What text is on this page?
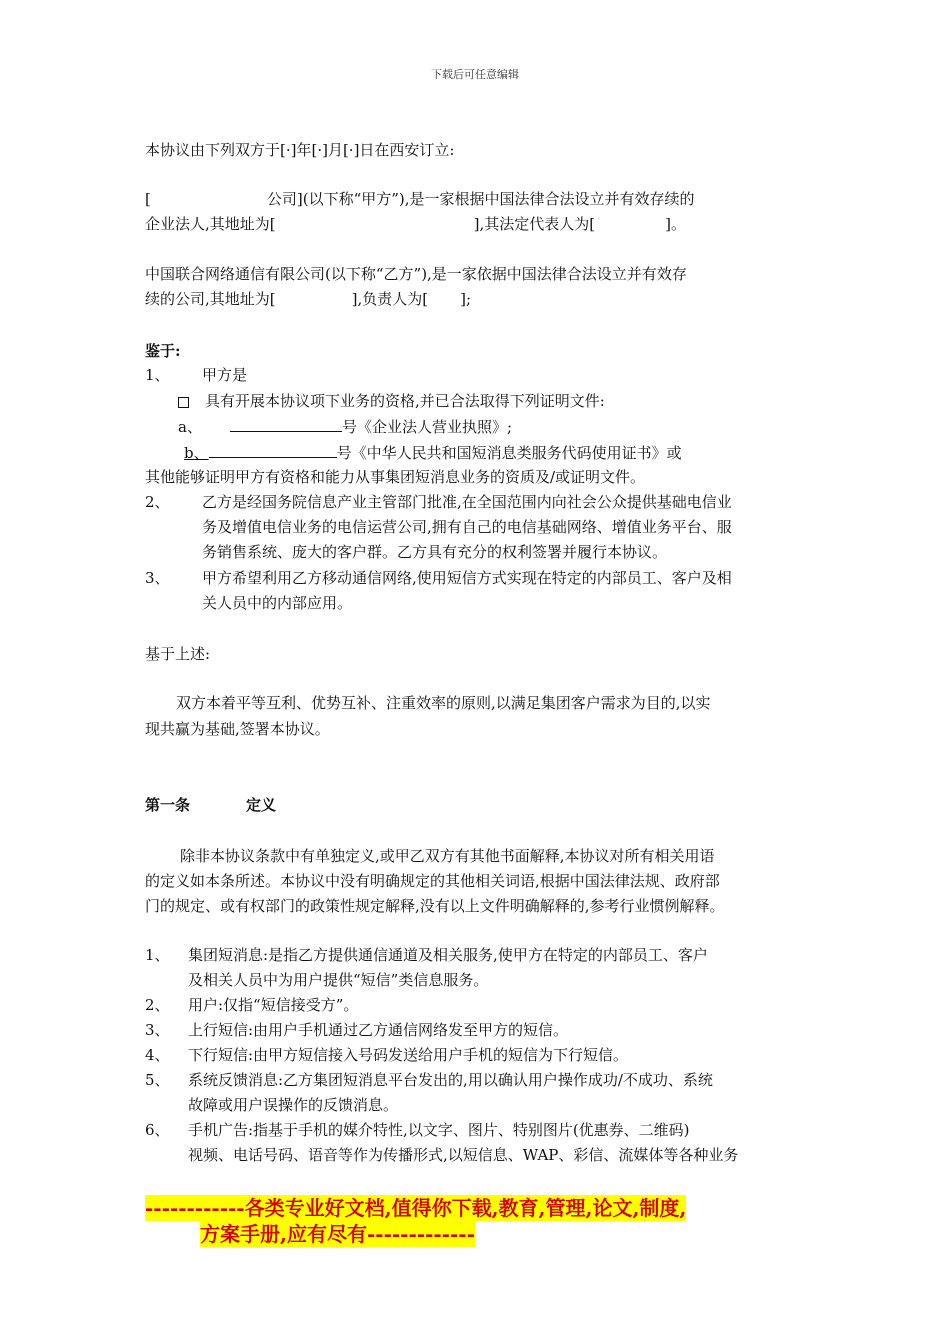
下载后可任意编辑
本协议由下列双方于[·]年[·]月[·]日在西安订立:
[	公司](以下称“甲方”),是一家根据中国法律合法设立并有效存续的
企业法人,其地址为[	],其法定代表人为[	]。
中国联合网络通信有限公司(以下称“乙方”),是一家依据中国法律合法设立并有效存
续的公司,其地址为[	],负责人为[ ];
鉴于:
1、 甲方是
具有开展本协议项下业务的资格,并已合法取得下列证明文件:
a、	号《企业法人营业执照》;
b、	号《中华人民共和国短消息类服务代码使用证书》或
其他能够证明甲方有资格和能力从事集团短消息业务的资质及/或证明文件。
2、 乙方是经国务院信息产业主管部门批准,在全国范围内向社会公众提供基础电信业
务及增值电信业务的电信运营公司,拥有自己的电信基础网络、增值业务平台、服
务销售系统、庞大的客户群。乙方具有充分的权利签署并履行本协议。
3、 甲方希望利用乙方移动通信网络,使用短信方式实现在特定的内部员工、客户及相
关人员中的内部应用。
基于上述:
双方本着平等互利、优势互补、注重效率的原则,以满足集团客户需求为目的,以实
现共赢为基础,签署本协议。
第一条	定义
除非本协议条款中有单独定义,或甲乙双方有其他书面解释,本协议对所有相关用语
的定义如本条所述。本协议中没有明确规定的其他相关词语,根据中国法律法规、政府部
门的规定、或有权部门的政策性规定解释,没有以上文件明确解释的,参考行业惯例解释。
1、 集团短消息:是指乙方提供通信通道及相关服务,使甲方在特定的内部员工、客户
及相关人员中为用户提供“短信”类信息服务。
2、 用户:仅指“短信接受方”。
3、 上行短信:由用户手机通过乙方通信网络发至甲方的短信。
4、 下行短信:由甲方短信接入号码发送给用户手机的短信为下行短信。
5、 系统反馈消息:乙方集团短消息平台发出的,用以确认用户操作成功/不成功、系统
故障或用户误操作的反馈消息。
6、 手机广告:指基于手机的媒介特性,以文字、图片、特别图片(优惠券、二维码)
视频、电话号码、语音等作为传播形式,以短信息、WAP、彩信、流媒体等各种业务
------------各类专业好文档,值得你下载,教育,管理,论文,制度,
方案手册,应有尽有-------------
